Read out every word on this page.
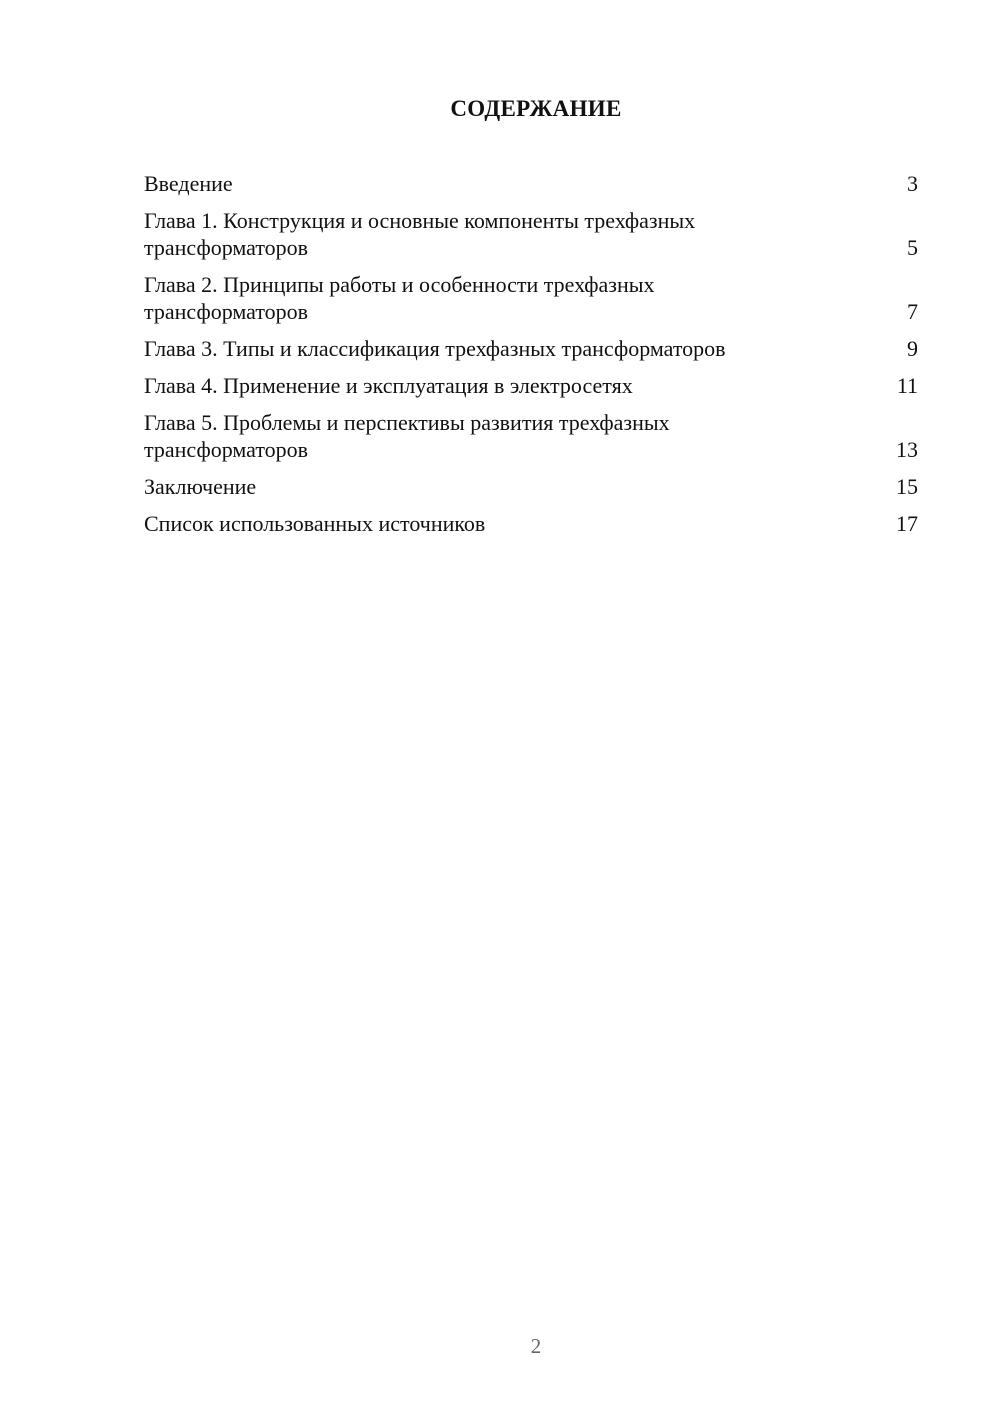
СОДЕРЖАНИЕ
Введение	3
Глава 1. Конструкция и основные компоненты трехфазных трансформаторов	5
Глава 2. Принципы работы и особенности трехфазных трансформаторов	7
Глава 3. Типы и классификация трехфазных трансформаторов	9
Глава 4. Применение и эксплуатация в электросетях	11
Глава 5. Проблемы и перспективы развития трехфазных трансформаторов	13
Заключение	15
Список использованных источников	17
2
